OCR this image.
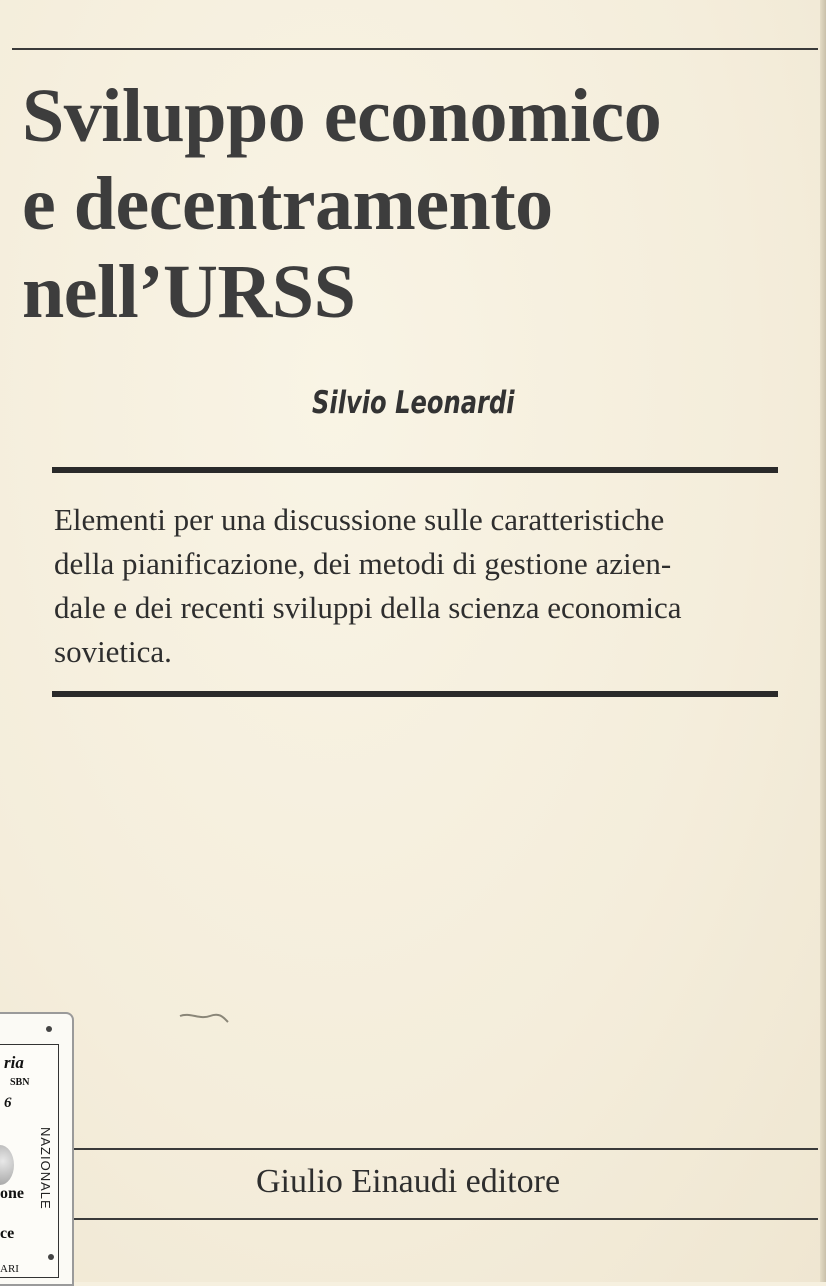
Sviluppo economico
e decentramento
nell’URSS
Silvio Leonardi

Elementi per una discussione sulle caratteristiche
della pianificazione, dei metodi di gestione azien-
dale e dei recenti sviluppi della scienza economica
sovietica.

Giulio Einaudi editore
ria
SBN
6
one
ce
ARI
NAZIONALE
